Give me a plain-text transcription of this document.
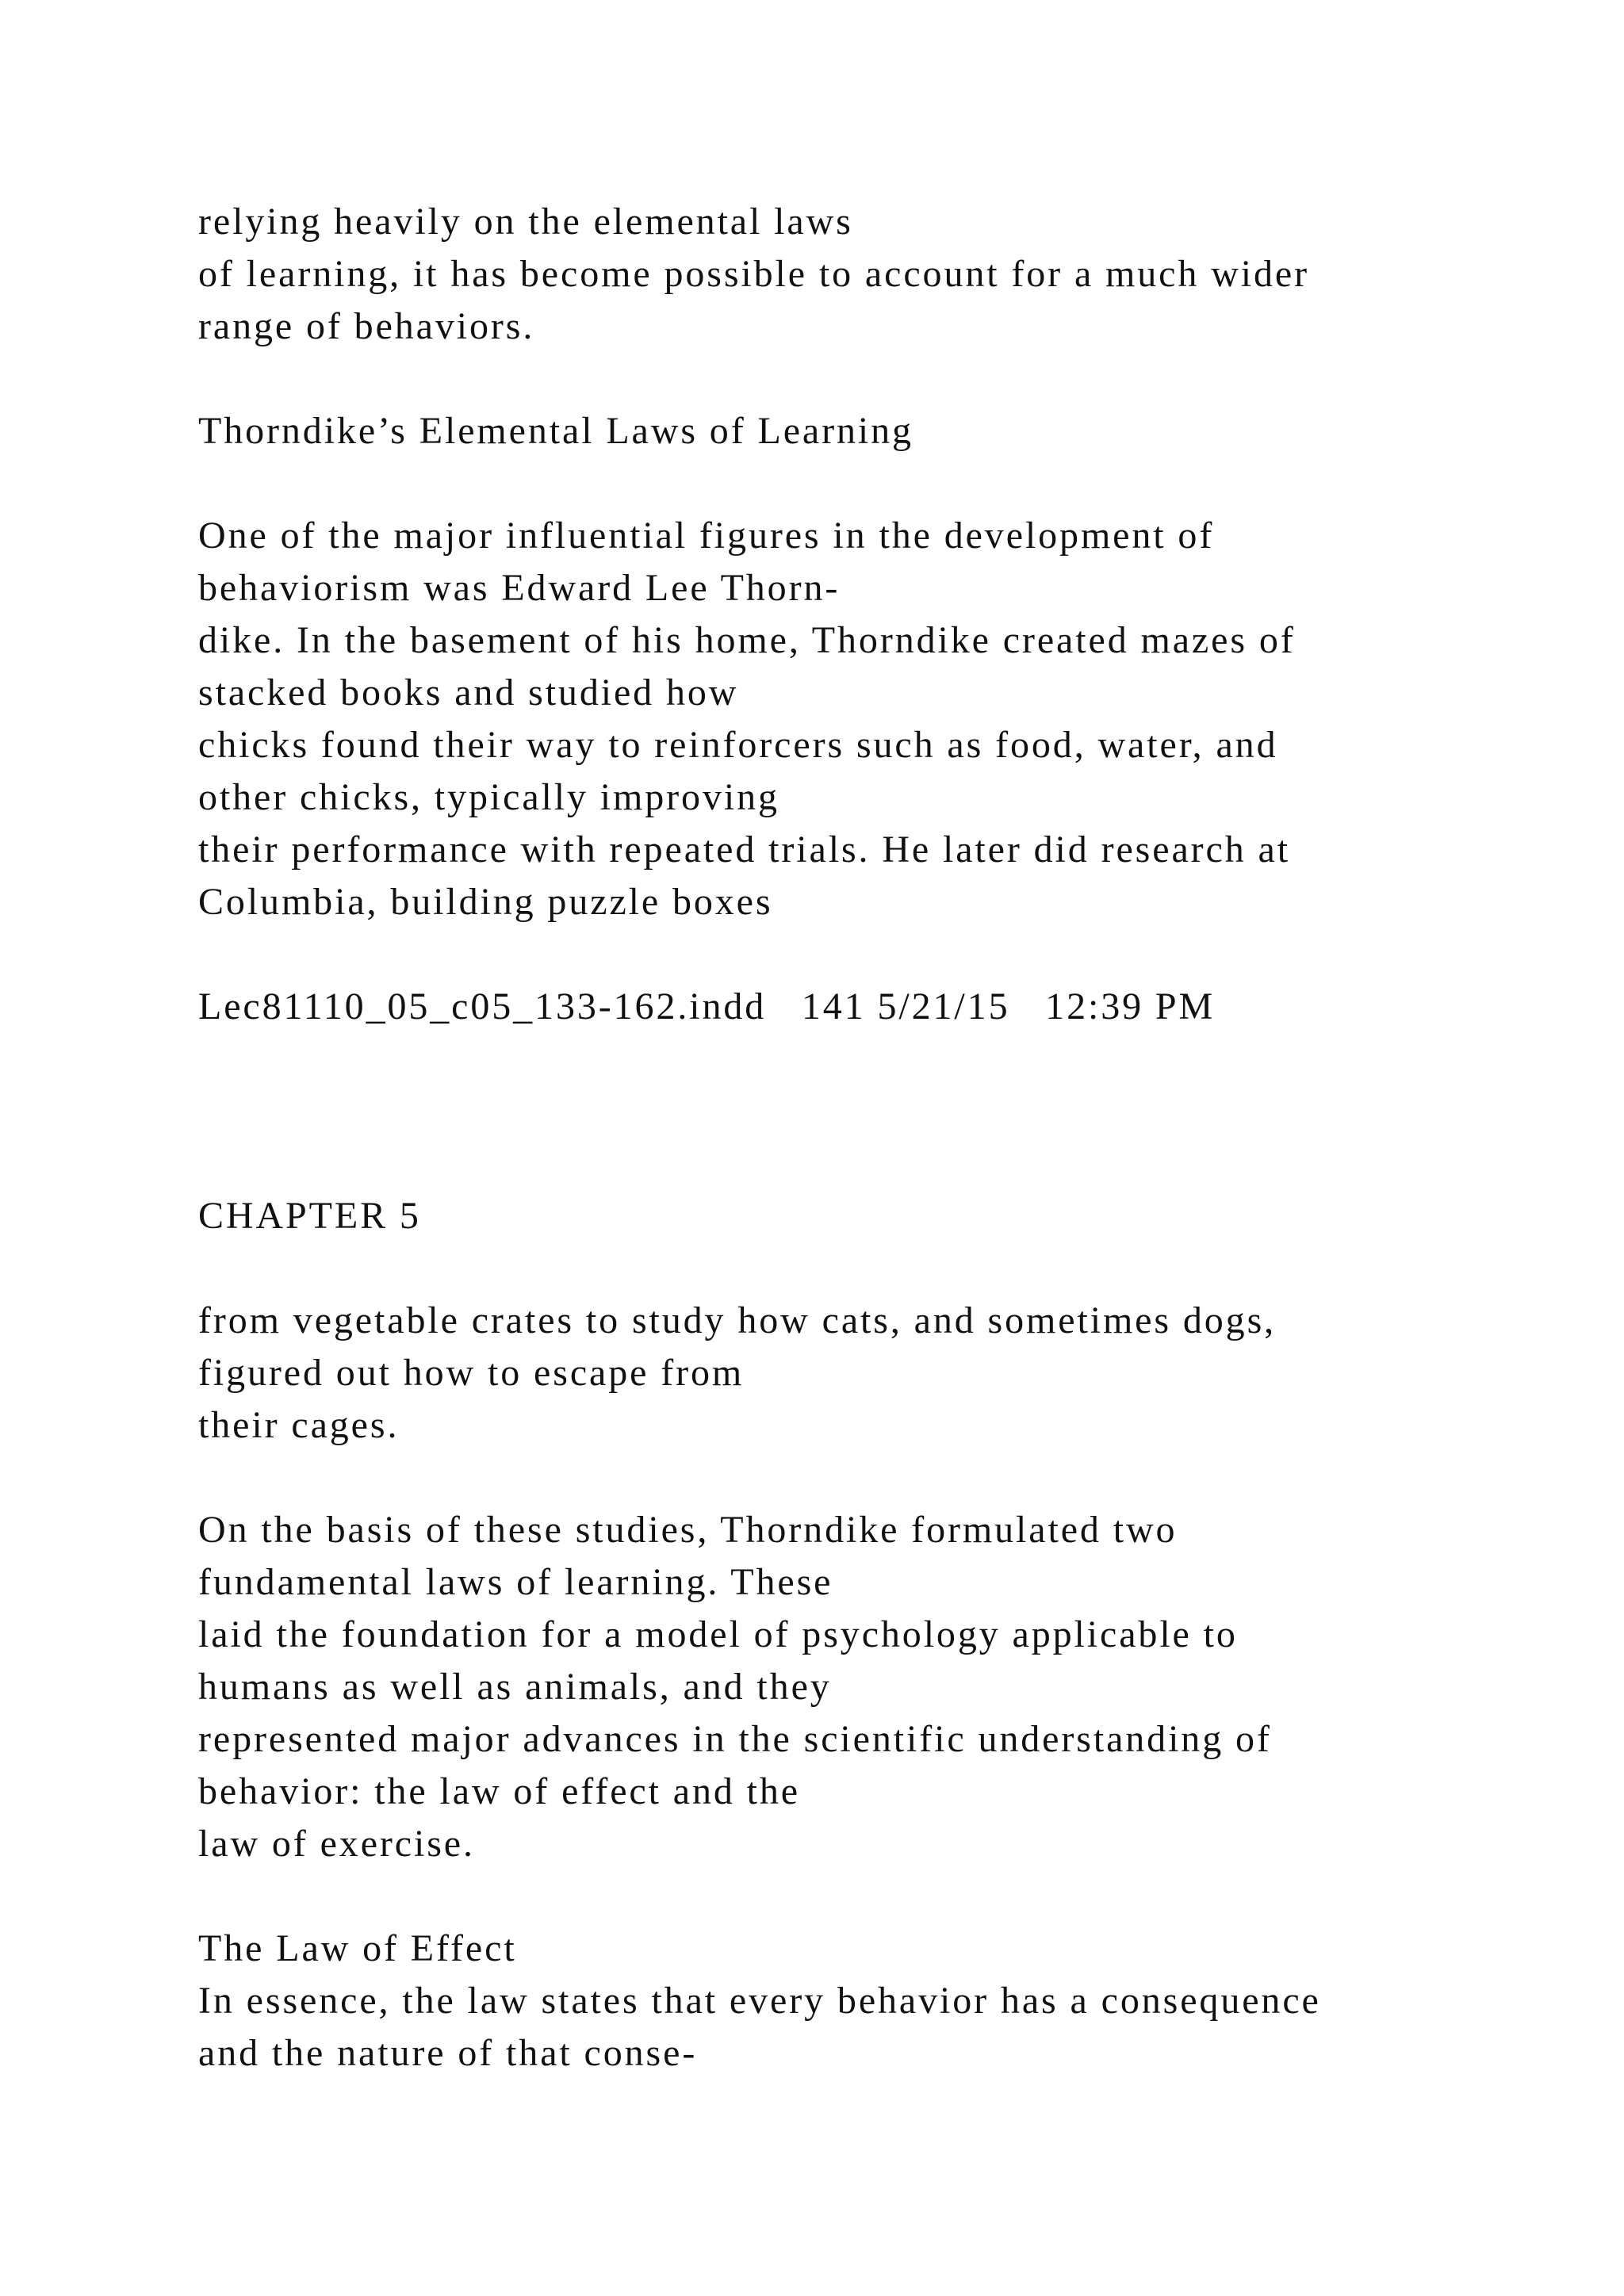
relying heavily on the elemental laws

of learning, it has become possible to account for a much wider

range of behaviors.

Thorndike’s Elemental Laws of Learning

One of the major influential figures in the development of

behaviorism was Edward Lee Thorn-

dike. In the basement of his home, Thorndike created mazes of

stacked books and studied how

chicks found their way to reinforcers such as food, water, and

other chicks, typically improving

their performance with repeated trials. He later did research at

Columbia, building puzzle boxes

Lec81110_05_c05_133-162.indd   141 5/21/15   12:39 PM

CHAPTER 5

from vegetable crates to study how cats, and sometimes dogs,

figured out how to escape from

their cages.

On the basis of these studies, Thorndike formulated two

fundamental laws of learning. These

laid the foundation for a model of psychology applicable to

humans as well as animals, and they

represented major advances in the scientific understanding of

behavior: the law of effect and the

law of exercise.

The Law of Effect

In essence, the law states that every behavior has a consequence

and the nature of that conse-
